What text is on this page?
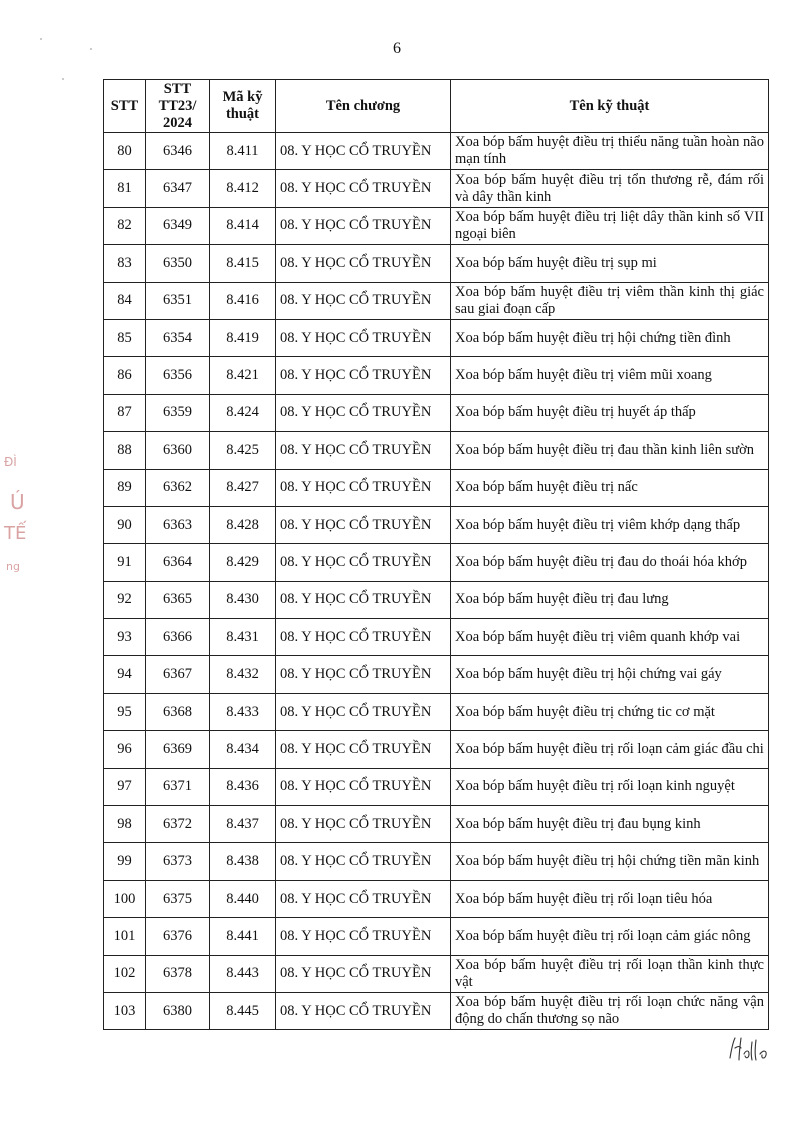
6
STT	STT TT23/ 2024	Mã kỹ thuật	Tên chương	Tên kỹ thuật
80	6346	8.411	08. Y HỌC CỔ TRUYỀN	Xoa bóp bấm huyệt điều trị thiểu năng tuần hoàn não mạn tính
81	6347	8.412	08. Y HỌC CỔ TRUYỀN	Xoa bóp bấm huyệt điều trị tổn thương rễ, đám rối và dây thần kinh
82	6349	8.414	08. Y HỌC CỔ TRUYỀN	Xoa bóp bấm huyệt điều trị liệt dây thần kinh số VII ngoại biên
83	6350	8.415	08. Y HỌC CỔ TRUYỀN	Xoa bóp bấm huyệt điều trị sụp mi
84	6351	8.416	08. Y HỌC CỔ TRUYỀN	Xoa bóp bấm huyệt điều trị viêm thần kinh thị giác sau giai đoạn cấp
85	6354	8.419	08. Y HỌC CỔ TRUYỀN	Xoa bóp bấm huyệt điều trị hội chứng tiền đình
86	6356	8.421	08. Y HỌC CỔ TRUYỀN	Xoa bóp bấm huyệt điều trị viêm mũi xoang
87	6359	8.424	08. Y HỌC CỔ TRUYỀN	Xoa bóp bấm huyệt điều trị huyết áp thấp
88	6360	8.425	08. Y HỌC CỔ TRUYỀN	Xoa bóp bấm huyệt điều trị đau thần kinh liên sườn
89	6362	8.427	08. Y HỌC CỔ TRUYỀN	Xoa bóp bấm huyệt điều trị nấc
90	6363	8.428	08. Y HỌC CỔ TRUYỀN	Xoa bóp bấm huyệt điều trị viêm khớp dạng thấp
91	6364	8.429	08. Y HỌC CỔ TRUYỀN	Xoa bóp bấm huyệt điều trị đau do thoái hóa khớp
92	6365	8.430	08. Y HỌC CỔ TRUYỀN	Xoa bóp bấm huyệt điều trị đau lưng
93	6366	8.431	08. Y HỌC CỔ TRUYỀN	Xoa bóp bấm huyệt điều trị viêm quanh khớp vai
94	6367	8.432	08. Y HỌC CỔ TRUYỀN	Xoa bóp bấm huyệt điều trị hội chứng vai gáy
95	6368	8.433	08. Y HỌC CỔ TRUYỀN	Xoa bóp bấm huyệt điều trị chứng tic cơ mặt
96	6369	8.434	08. Y HỌC CỔ TRUYỀN	Xoa bóp bấm huyệt điều trị rối loạn cảm giác đầu chi
97	6371	8.436	08. Y HỌC CỔ TRUYỀN	Xoa bóp bấm huyệt điều trị rối loạn kinh nguyệt
98	6372	8.437	08. Y HỌC CỔ TRUYỀN	Xoa bóp bấm huyệt điều trị đau bụng kinh
99	6373	8.438	08. Y HỌC CỔ TRUYỀN	Xoa bóp bấm huyệt điều trị hội chứng tiền mãn kinh
100	6375	8.440	08. Y HỌC CỔ TRUYỀN	Xoa bóp bấm huyệt điều trị rối loạn tiêu hóa
101	6376	8.441	08. Y HỌC CỔ TRUYỀN	Xoa bóp bấm huyệt điều trị rối loạn cảm giác nông
102	6378	8.443	08. Y HỌC CỔ TRUYỀN	Xoa bóp bấm huyệt điều trị rối loạn thần kinh thực vật
103	6380	8.445	08. Y HỌC CỔ TRUYỀN	Xoa bóp bấm huyệt điều trị rối loạn chức năng vận động do chấn thương sọ não
ĐÌ
Ú
TẾ
ng
